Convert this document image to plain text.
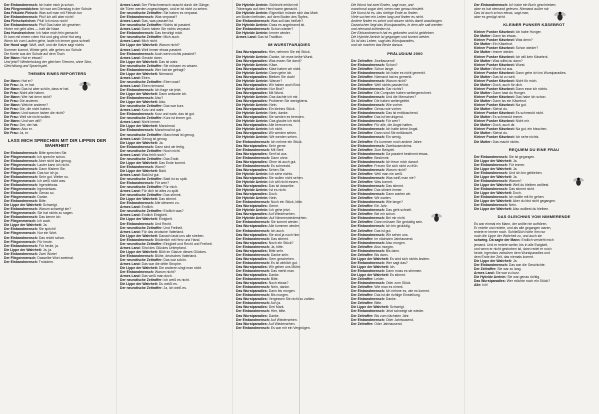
Der Einbandmensch: Ich habe mich ja schon
Das Fliegenmädchen: Ich war am Dienstag in der Schule
Das Fräulein Fleisch: Was soll man mit Fleisch tun
Der Einbandmensch: Pfui! Ich will aber nicht!
Das Fleischzeichen: Pfui! Ich muss noch!
Der Einbandmensch: Pfui! Das habe ich gesehen
Hinter mir geht alles — halt die Nase
Das Hundezeichen: Ich habe mich fein gemacht
Er kam mit einem roten Hut und ging ohne Hut weg
Wenn ich zum Laufen gehe, laufe ich immer ganz schnell
Der Hund sagt: Wuff, wuff, und die Katze sagt nichts
Sommer kommt, Winter geht, alle gehen zur Schule
Die Knete aus der Schule auf dem Tisch
Der Mann: Hat er etwas?
Und jetzt? Wiederholung der gleichen Themen, ohne Sinn, Gleichklang und Sprachspiel.
THEMEN EINES REPORTERS
Der Mann: Hat er?
Die Frau: Ja, er hat.
Der Mann: Das ist aber schön, dass er hat.
Die Frau: Nicht alle haben.
Der Mann: Wer hat denn nicht?
Die Frau: Die anderen.
Der Mann: Welche anderen?
Die Frau: Die, die nicht haben.
Der Mann: Und warum haben die nicht?
Die Frau: Weil sie nicht wollen.
Der Mann: Und wer will?
Die Frau: Der, der hat.
Der Mann: Also er.
Die Frau: Ja, er.
LASS MICH SPRECHEN MIT DIR LIPPEN DER WAHRHEIT
Der Einbandmensch: Bitte sprechen Sie.
Der Fliegenmensch: Ich spreche schon.
Der Einbandmensch: Aber nicht laut genug.
Der Fliegenmensch: Lauter kann ich nicht.
Der Einbandmensch: Dann flüstern Sie.
Der Fliegenmensch: Das tue ich ja.
Der Einbandmensch: Sehr gut. Weiter so.
Der Fliegenmensch: Ich weiß nicht was.
Der Einbandmensch: Irgendetwas.
Der Fliegenmensch: Irgendetwas.
Der Einbandmensch: Genau so.
Der Fliegenmensch: Danke.
Der Einbandmensch: Bitte.
Die Lippe der Wahrheit: Schweigt.
Der Einbandmensch: Warum schweigt sie?
Der Fliegenmensch: Sie hat nichts zu sagen.
Der Einbandmensch: Das kenne ich.
Der Fliegenmensch: Ich auch.
Die Lippe der Wahrheit: Ja.
Der Einbandmensch: Sie spricht!
Der Fliegenmensch: Nur ein Wort.
Der Einbandmensch: Das reicht schon.
Der Fliegenmensch: Für heute.
Der Einbandmensch: Für heute, ja.
Die Lippe der Wahrheit: Ja, ja.
Der Einbandmensch: Zwei Worte!
Der Fliegenmensch: Dasselbe Wort zweimal.
Der Einbandmensch: Trotzdem.
Armes Land: Der Fleischmensch rauscht durch die Gänge,
die Türen werden zugeschlagen, und er ist nicht zu sehen.
Der neurotische Zeitraffer: Sie haben es verpasst.
Der Einbandmensch: Was verpasst?
Armes Land: Das, was passiert ist.
Der neurotische Zeitraffer: Nichts ist passiert.
Armes Land: Dann haben Sie nichts verpasst.
Der Einbandmensch: Das beruhigt mich.
Der neurotische Zeitraffer: Mich auch.
Armes Land: Mich nicht.
Die Lippe der Wahrheit: Warum nicht?
Armes Land: Weil immer etwas passiert.
Der Einbandmensch: Auch wenn nichts passiert?
Armes Land: Gerade dann.
Die Lippe der Wahrheit: Das ist wahr.
Der neurotische Zeitraffer: Sie müssen es wissen.
Der Einbandmensch: Wer hat sie gefragt?
Die Lippe der Wahrheit: Niemand.
Armes Land: Eben.
Der neurotische Zeitraffer: Eben was?
Armes Land: Eben niemand.
Der Einbandmensch: Ich frage sie jetzt.
Die Lippe der Wahrheit: Dann antworte ich.
Der Einbandmensch: Also?
Die Lippe der Wahrheit: Also.
Der neurotische Zeitraffer: Das war kurz.
Armes Land: Kurz und wahr.
Der Einbandmensch: Kurz und wahr, das ist gut.
Der neurotische Zeitraffer: Kurz ist immer gut.
Armes Land: Nicht immer.
Die Lippe der Wahrheit: Manchmal.
Der Einbandmensch: Manchmal ist gut.
Der neurotische Zeitraffer: Manchmal ist genug.
Armes Land: Genug ist genug.
Die Lippe der Wahrheit: Ja.
Der Einbandmensch: Dann sind wir fertig.
Der neurotische Zeitraffer: Noch nicht.
Armes Land: Was fehlt noch?
Der neurotische Zeitraffer: Das Ende.
Die Lippe der Wahrheit: Das Ende kommt.
Der Einbandmensch: Wann?
Die Lippe der Wahrheit: Bald.
Armes Land: Bald ist gut.
Der neurotische Zeitraffer: Bald ist zu spät.
Der Einbandmensch: Für wen?
Der neurotische Zeitraffer: Für mich.
Armes Land: Für dich ist alles zu spät.
Der neurotische Zeitraffer: Das stimmt.
Die Lippe der Wahrheit: Das stimmt.
Der Einbandmensch: Alle stimmen zu.
Armes Land: Endlich.
Der neurotische Zeitraffer: Endlich was?
Armes Land: Endlich Einigkeit.
Die Lippe der Wahrheit: Einigkeit.
Der Einbandmensch: Und Recht.
Der neurotische Zeitraffer: Und Freiheit.
Armes Land: Für das deutsche Vaterland.
Die Lippe der Wahrheit: Danach lasst uns alle streben.
Der Einbandmensch: Brüderlich mit Herz und Hand.
Der neurotische Zeitraffer: Einigkeit und Recht und Freiheit.
Armes Land: Sind des Glückes Unterpfand.
Die Lippe der Wahrheit: Blüh im Glanze dieses Glückes.
Der Einbandmensch: Blühe, deutsches Vaterland.
Der neurotische Zeitraffer: Das war schön.
Armes Land: Das war die dritte Strophe.
Die Lippe der Wahrheit: Die anderen singt man nicht.
Der Einbandmensch: Warum nicht?
Armes Land: Das weiß man doch.
Der neurotische Zeitraffer: Ich weiß es nicht.
Die Lippe der Wahrheit: Du weißt es.
Der neurotische Zeitraffer: Ja, ich weiß es.
Die Hybride Aerinin: Schlecht erhitzt mit
Tränengas auf dem Herd warm gemacht.
Die Hybride Aerinin: Eigentlich müsste sich das Mark
am Boden befinden, auf dem Boden des Topfes.
Der Einbandmensch: Was soll das heißen?
Die Hybride Aerinin: Dass es angebrannt ist.
Der Einbandmensch: Schon wieder?
Die Hybride Aerinin: Immer wieder.
Armes Land: Das ist Tradition.
IM WURSTPARADIES
Das Wurstparadies: Hier, nehmen Sie ein Stück.
Die Hybride Aerinin: Danke, ich esse keine Wurst.
Das Wurstparadies: Was essen Sie dann?
Die Hybride Aerinin: Käse.
Das Wurstparadies: Käse haben wir nicht.
Die Hybride Aerinin: Dann gehe ich.
Das Wurstparadies: Bleiben Sie doch!
Die Hybride Aerinin: Warum?
Das Wurstparadies: Wir haben auch Brot.
Die Hybride Aerinin: Nur Brot?
Das Wurstparadies: Mit Wurst.
Die Hybride Aerinin: Das dachte ich mir.
Das Wurstparadies: Probieren Sie wenigstens.
Die Hybride Aerinin: Nein.
Das Wurstparadies: Ein kleines Stück.
Die Hybride Aerinin: Nein, danke.
Das Wurstparadies: Sie werden es bereuen.
Die Hybride Aerinin: Das glaube ich nicht.
Das Wurstparadies: Alle bereuen es.
Die Hybride Aerinin: Ich nicht.
Das Wurstparadies: Wir werden sehen.
Die Hybride Aerinin: Wir werden sehen.
Der Einbandmensch: Ich nehme ein Stück.
Das Wurstparadies: Sehr gerne.
Der Einbandmensch: Mit Senf.
Das Wurstparadies: Senf ist aus.
Der Einbandmensch: Dann ohne.
Das Wurstparadies: Ohne ist auch gut.
Der Einbandmensch: Es schmeckt.
Das Wurstparadies: Sehen Sie.
Die Hybride Aerinin: Ich sehe nichts.
Das Wurstparadies: Sie wollen nicht sehen.
Die Hybride Aerinin: Ich will nicht essen.
Das Wurstparadies: Das ist dasselbe.
Die Hybride Aerinin: Ist es nicht.
Das Wurstparadies: Doch.
Die Hybride Aerinin: Nein.
Der Einbandmensch: Noch ein Stück, bitte.
Das Wurstparadies: Gerne.
Die Hybride Aerinin: Ich gehe jetzt.
Das Wurstparadies: Auf Wiedersehen.
Die Hybride Aerinin: Auf Nimmerwiedersehen.
Der Einbandmensch: Sie kommt wieder.
Das Wurstparadies: Alle kommen wieder.
Der Einbandmensch: Ich auch.
Das Wurstparadies: Sie sind ja noch hier.
Der Einbandmensch: Das stimmt.
Das Wurstparadies: Noch ein Stück?
Der Einbandmensch: Ja, bitte.
Das Wurstparadies: Bitte sehr.
Der Einbandmensch: Danke sehr.
Das Wurstparadies: Gern geschehen.
Der Einbandmensch: Es ist wirklich gut.
Das Wurstparadies: Wir geben uns Mühe.
Der Einbandmensch: Das merkt man.
Das Wurstparadies: Danke.
Der Einbandmensch: Bitte.
Das Wurstparadies: Noch etwas?
Der Einbandmensch: Nein, danke.
Das Wurstparadies: Dann bis morgen.
Der Einbandmensch: Bis morgen.
Das Wurstparadies: Vergessen Sie nicht zu zahlen.
Der Einbandmensch: Ach ja.
Das Wurstparadies: Drei Mark.
Der Einbandmensch: Hier, bitte.
Das Wurstparadies: Danke.
Der Einbandmensch: Auf Wiedersehen.
Das Wurstparadies: Auf Wiedersehen.
Der Einbandmensch: Es war mir ein Vergnügen.
Die Wurst hat zwei Enden, sagt man, und
manchmal sogar drei, wenn man genau hinsieht.
Die Kunst ist es, das richtige Ende zu finden.
Viele suchen ein Leben lang und finden es nicht.
Andere finden es sofort und wissen nichts damit anzufangen.
Dazwischen liegt das Wurstparadies, in dem alle satt werden
und niemand zufrieden ist.
Der Einbandmensch hat es gefunden und ist geblieben.
Die Hybride Aerinin ist gegangen und kommt wieder.
So ist das Leben, sagt das Wurstparadies,
und wir machen das Beste daraus.
PRÄLUDIUM 2000
Der Zeitraffer: Zweitausend!
Der Einbandmensch: Schon?
Der Zeitraffer: Schon lange.
Der Einbandmensch: Ich habe es nicht gemerkt.
Der Zeitraffer: Niemand hat es gemerkt.
Der Einbandmensch: Warum nicht?
Der Zeitraffer: Weil nichts passiert ist.
Der Einbandmensch: Gar nichts?
Der Zeitraffer: Die Computer haben weitergerechnet.
Der Einbandmensch: Und die Menschen?
Der Zeitraffer: Die haben weitergelebt.
Der Einbandmensch: Wie vorher.
Der Zeitraffer: Genau wie vorher.
Der Einbandmensch: Das ist enttäuschend.
Der Zeitraffer: Das ist beruhigend.
Der Einbandmensch: Für wen?
Der Zeitraffer: Für alle, die Angst hatten.
Der Einbandmensch: Ich hatte keine Angst.
Der Zeitraffer: Dann sind Sie enttäuscht.
Der Einbandmensch: Ein wenig.
Der Zeitraffer: Es kommen noch andere Jahre.
Der Einbandmensch: Zweitausendeins.
Der Zeitraffer: Zum Beispiel.
Der Einbandmensch: Da passiert bestimmt etwas.
Der Zeitraffer: Bestimmt.
Der Einbandmensch: Ich freue mich darauf.
Der Zeitraffer: Freuen Sie sich nicht zu früh.
Der Einbandmensch: Warum nicht?
Der Zeitraffer: Weil man nie weiß.
Der Einbandmensch: Was weiß man nie?
Der Zeitraffer: Was kommt.
Der Einbandmensch: Das stimmt.
Der Zeitraffer: Das stimmt immer.
Der Einbandmensch: Dann warten wir.
Der Zeitraffer: Wir warten.
Der Einbandmensch: Wie lange?
Der Zeitraffer: Ein Jahr.
Der Einbandmensch: Das geht schnell.
Der Zeitraffer: Bei mir schon.
Der Einbandmensch: Bei mir nicht.
Der Zeitraffer: Dann müssen Sie geduldig sein.
Der Einbandmensch: Ich bin geduldig.
Der Zeitraffer: Das ist gut.
Der Einbandmensch: Wir sehen uns.
Der Zeitraffer: Im nächsten Jahrtausend.
Der Einbandmensch: Also morgen.
Der Zeitraffer: Also morgen.
Der Einbandmensch: Bis dann.
Der Zeitraffer: Bis dann.
Die Lippe der Wahrheit: Es wird sich nichts ändern.
Der Einbandmensch: Wer sagt das?
Die Lippe der Wahrheit: Ich.
Der Einbandmensch: Dann muss es stimmen.
Die Lippe der Wahrheit: Es stimmt.
Der Zeitraffer: Leider.
Der Einbandmensch: Oder zum Glück.
Der Zeitraffer: Wie man es nimmt.
Der Einbandmensch: Ich nehme es, wie es kommt.
Der Zeitraffer: Das ist die richtige Einstellung.
Der Einbandmensch: Danke.
Der Zeitraffer: Bitte.
Die Lippe der Wahrheit: Schweigt.
Der Einbandmensch: Jetzt schweigt sie wieder.
Der Zeitraffer: Bis zum nächsten Jahr.
Der Einbandmensch: Oder Jahrtausend.
Der Zeitraffer: Oder Jahrtausend.
Der Einbandmensch: Ich habe ein Buch geschrieben,
aber es hat niemand gelesen. Niemand außer mir.
Das ist auch schon etwas, sagt man,
aber es genügt nicht.
KLEINER PUNKER KÄSEBROT
Kleiner Punker Käsebrot: Ich habe Hunger.
Die Mutter: Dann iss etwas.
Kleiner Punker Käsebrot: Was denn?
Die Mutter: Ein Käsebrot.
Kleiner Punker Käsebrot: Schon wieder?
Die Mutter: Immer wieder.
Kleiner Punker Käsebrot: Ich will kein Käsebrot.
Die Mutter: Was willst du dann?
Kleiner Punker Käsebrot: Wurst.
Die Mutter: Wurst ist aus.
Kleiner Punker Käsebrot: Dann gehe ich ins Wurstparadies.
Die Mutter: Das ist zu weit.
Kleiner Punker Käsebrot: Nicht für mich.
Die Mutter: Doch, auch für dich.
Kleiner Punker Käsebrot: Dann esse ich nichts.
Die Mutter: Dann hast du Hunger.
Kleiner Punker Käsebrot: Das habe ich schon.
Die Mutter: Dann iss ein Käsebrot.
Kleiner Punker Käsebrot: Na gut.
Die Mutter: Siehst du.
Kleiner Punker Käsebrot: Es schmeckt nicht.
Die Mutter: Es schmeckt immer.
Kleiner Punker Käsebrot: Nicht mir.
Die Mutter: Doch, auch dir.
Kleiner Punker Käsebrot: Na gut, ein bisschen.
Die Mutter: Siehst du.
Kleiner Punker Käsebrot: Ich sehe nichts.
Die Mutter: Das macht nichts.
REQUIEM DU EINE FRAU
Der Einbandmensch: Sie ist gegangen.
Die Lippe der Wahrheit: Ja.
Der Einbandmensch: Für immer.
Die Lippe der Wahrheit: Ja.
Der Einbandmensch: Und ich bin geblieben.
Die Lippe der Wahrheit: Ja.
Der Einbandmensch: Warum?
Die Lippe der Wahrheit: Weil du bleiben wolltest.
Der Einbandmensch: Das stimmt nicht.
Die Lippe der Wahrheit: Doch.
Der Einbandmensch: Ich wollte mit ihr gehen.
Die Lippe der Wahrheit: Aber du bist nicht gegangen.
Der Einbandmensch: Nein.
Die Lippe der Wahrheit: Also wolltest du bleiben.
DAS GLEICHNIS VOM NIMMERENDE
Es war einmal ein Mann, der wollte nie aufhören.
Er redete und redete, und als alle gegangen waren,
redete er immer noch. Schließlich hörte ihm nur
noch die Lippe der Wahrheit zu, und auch sie
schwieg. Da sagte der Mann: Endlich versteht mich
jemand. Und er redete weiter, bis in alle Ewigkeit,
und wenn er nicht gestorben ist, dann redet er noch
heute, irgendwo zwischen dem Wurstparadies und
dem Ende der Zeit, das niemals kommt.
Die Lippe der Wahrheit: Ja.
Der Einbandmensch: Das war die Geschichte.
Der Zeitraffer: Sie war zu lang.
Armes Land: Sie war zu kurz.
Die Hybride Aerinin: Sie war genau richtig.
Das Wurstparadies: Wer möchte noch ein Stück?
Alle: Ich!
